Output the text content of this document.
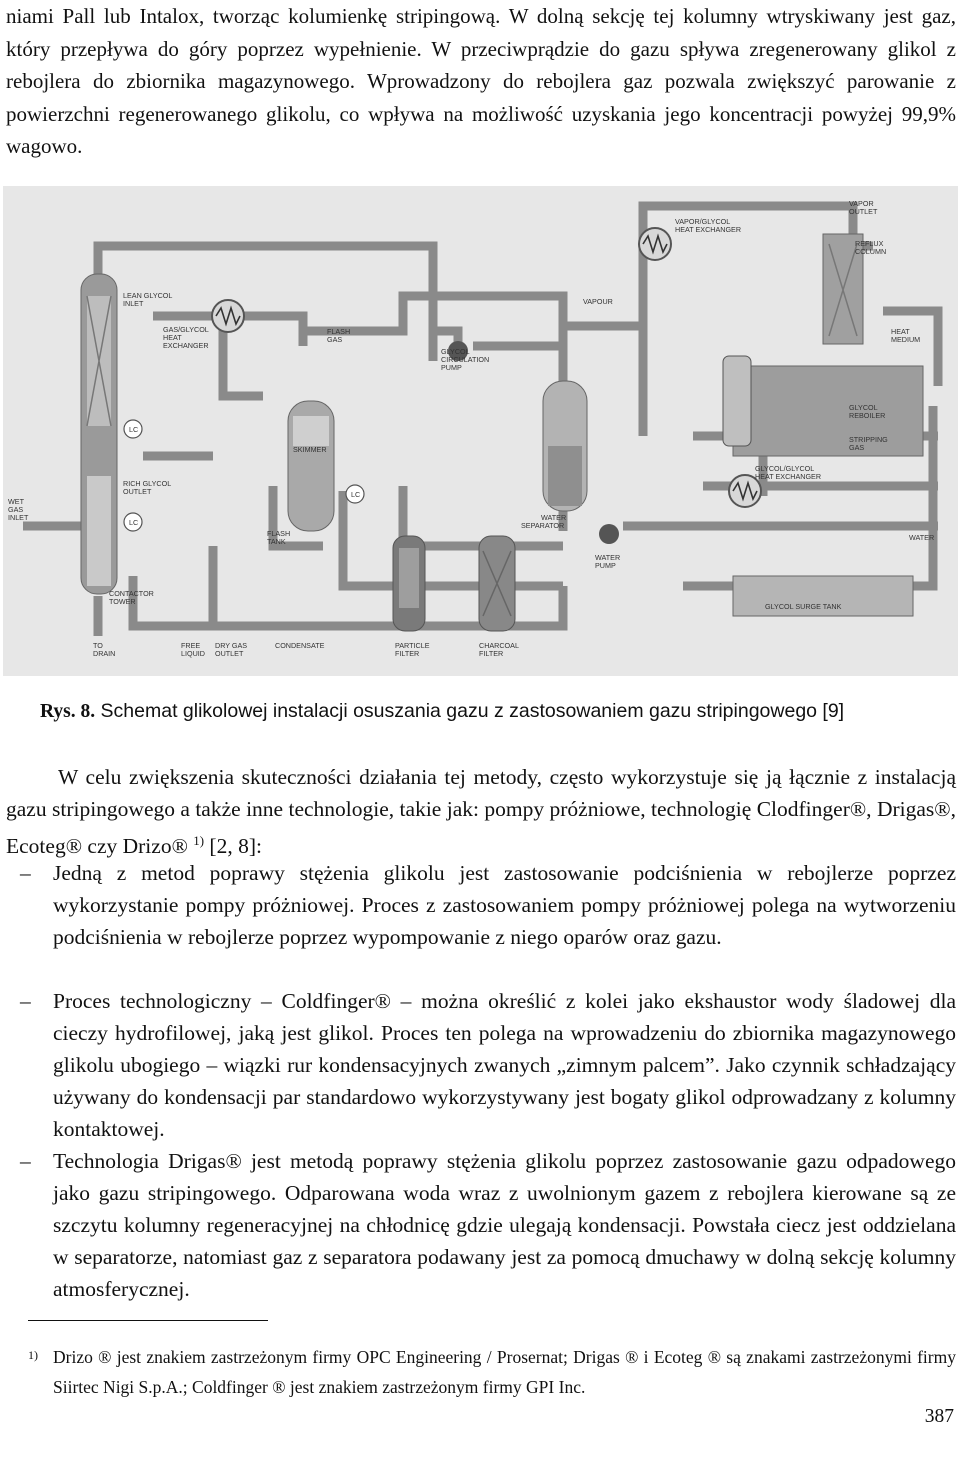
niami Pall lub Intalox, tworząc kolumienkę stripingową. W dolną sekcję tej kolumny wtryskiwany jest gaz, który przepływa do góry poprzez wypełnienie. W przeciwprądzie do gazu spływa zregenerowany glikol z rebojlera do zbiornika magazynowego. Wprowadzony do rebojlera gaz pozwala zwiększyć parowanie z powierzchni regenerowanego glikolu, co wpływa na możliwość uzyskania jego koncentracji powyżej 99,9% wagowo.

VAPOR
OUTLET
VAPOR/GLYCOL
HEAT EXCHANGER
REFLUX
COLUMN
LEAN GLYCOL
INLET
GAS/GLYCOL
HEAT
EXCHANGER
VAPOUR
FLASH
GAS
GLYCOL
CIRCULATION
PUMP
HEAT
MEDIUM
GLYCOL
REBOILER
STRIPPING
GAS
LC
LC
LC
SKIMMER
RICH GLYCOL
OUTLET
GLYCOL/GLYCOL
HEAT EXCHANGER
WET
GAS
INLET
FLASH
TANK
WATER
SEPARATOR
WATER
WATER
PUMP
CONTACTOR
TOWER
GLYCOL SURGE TANK
TO
DRAIN
FREE
LIQUID
DRY GAS
OUTLET
CONDENSATE	PARTICLE
FILTER
CHARCOAL
FILTER
Rys. 8. Schemat glikolowej instalacji osuszania gazu z zastosowaniem gazu stripingowego [9]
W celu zwiększenia skuteczności działania tej metody, często wykorzystuje się ją łącznie z instalacją gazu stripingowego a także inne technologie, takie jak: pompy próżniowe, technologię Clodfinger®, Drigas®, Ecoteg® czy Drizo® $^{1)}$ [2, 8]:
–	Jedną z metod poprawy stężenia glikolu jest zastosowanie podciśnienia w rebojlerze poprzez wykorzystanie pompy próżniowej. Proces z zastosowaniem pompy próżniowej polega na wytworzeniu podciśnienia w rebojlerze poprzez wypompowanie z niego oparów oraz gazu.
–	Proces technologiczny – Coldfinger® – można określić z kolei jako ekshaustor wody śladowej dla cieczy hydrofilowej, jaką jest glikol. Proces ten polega na wprowadzeniu do zbiornika magazynowego glikolu ubogiego – wiązki rur kondensacyjnych zwanych „zimnym palcem”. Jako czynnik schładzający używany do kondensacji par standardowo wykorzystywany jest bogaty glikol odprowadzany z kolumny kontaktowej.
–	Technologia Drigas® jest metodą poprawy stężenia glikolu poprzez zastosowanie gazu odpadowego jako gazu stripingowego. Odparowana woda wraz z uwolnionym gazem z rebojlera kierowane są ze szczytu kolumny regeneracyjnej na chłodnicę gdzie ulegają kondensacji. Powstała ciecz jest oddzielana w separatorze, natomiast gaz z separatora podawany jest za pomocą dmuchawy w dolną sekcję kolumny atmosferycznej.
1) Drizo ® jest znakiem zastrzeżonym firmy OPC Engineering / Prosernat; Drigas ® i Ecoteg ® są znakami zastrzeżonymi firmy Siirtec Nigi S.p.A.; Coldfinger ® jest znakiem zastrzeżonym firmy GPI Inc.
387
